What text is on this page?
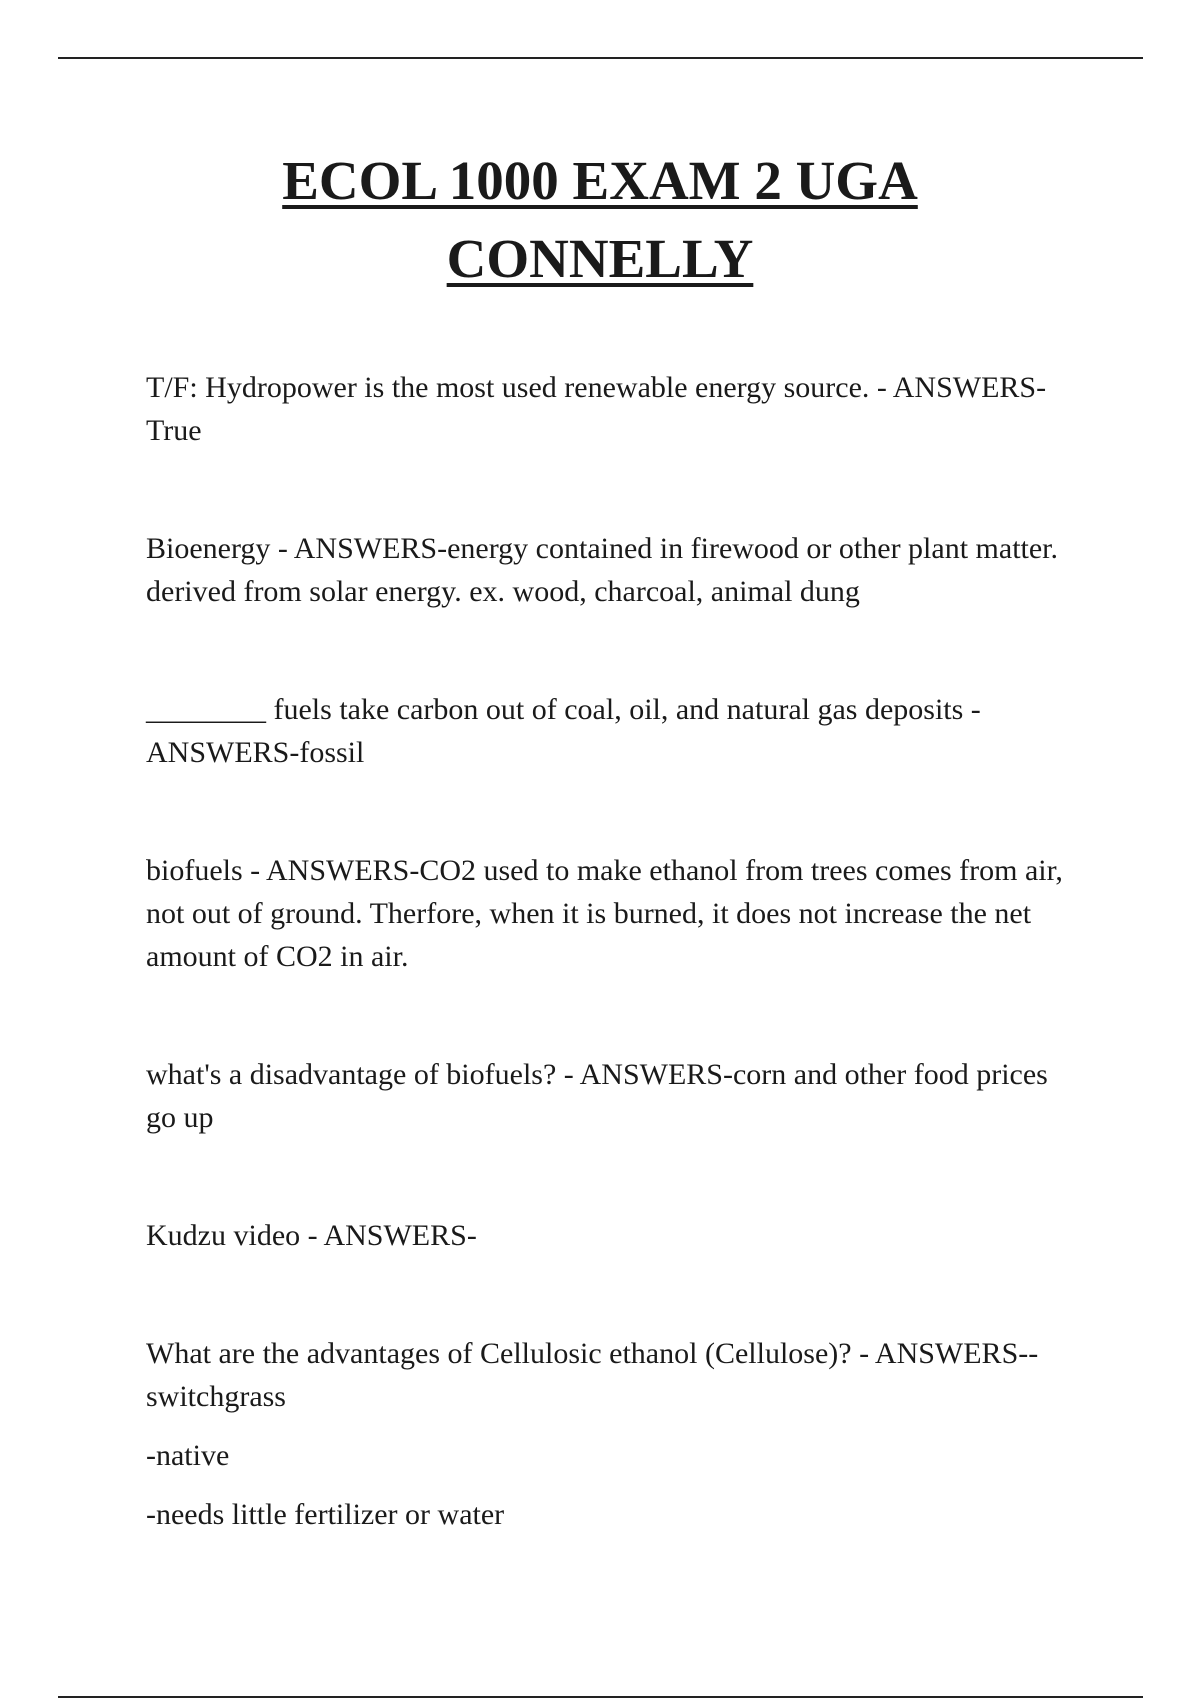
ECOL 1000 EXAM 2 UGA
CONNELLY

T/F: Hydropower is the most used renewable energy source. - ANSWERS-True

Bioenergy - ANSWERS-energy contained in firewood or other plant matter. derived from solar energy. ex. wood, charcoal, animal dung

________ fuels take carbon out of coal, oil, and natural gas deposits - ANSWERS-fossil

biofuels - ANSWERS-CO2 used to make ethanol from trees comes from air, not out of ground. Therfore, when it is burned, it does not increase the net amount of CO2 in air.

what's a disadvantage of biofuels? - ANSWERS-corn and other food prices go up

Kudzu video - ANSWERS-

What are the advantages of Cellulosic ethanol (Cellulose)? - ANSWERS--switchgrass

-native

-needs little fertilizer or water
